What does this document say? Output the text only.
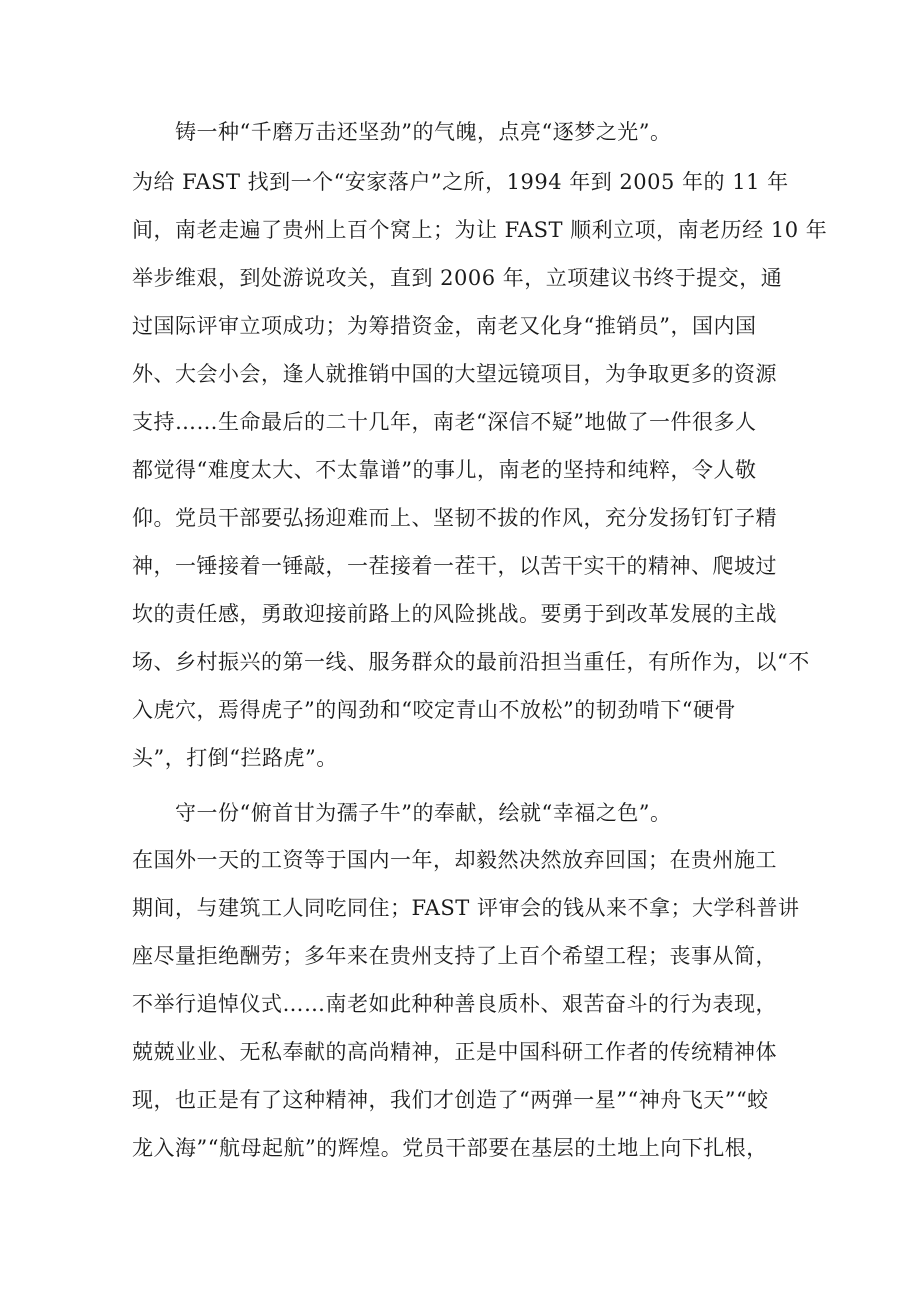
铸一种“千磨万击还坚劲”的气魄，点亮“逐梦之光”。
为给 FAST 找到一个“安家落户”之所，1994 年到 2005 年的 11 年
间，南老走遍了贵州上百个窝上；为让 FAST 顺利立项，南老历经 10 年
举步维艰，到处游说攻关，直到 2006 年，立项建议书终于提交，通
过国际评审立项成功；为筹措资金，南老又化身“推销员”，国内国
外、大会小会，逢人就推销中国的大望远镜项目，为争取更多的资源
支持……生命最后的二十几年，南老“深信不疑”地做了一件很多人
都觉得“难度太大、不太靠谱”的事儿，南老的坚持和纯粹，令人敬
仰。党员干部要弘扬迎难而上、坚韧不拔的作风，充分发扬钉钉子精
神，一锤接着一锤敲，一茬接着一茬干，以苦干实干的精神、爬坡过
坎的责任感，勇敢迎接前路上的风险挑战。要勇于到改革发展的主战
场、乡村振兴的第一线、服务群众的最前沿担当重任，有所作为，以“不
入虎穴，焉得虎子”的闯劲和“咬定青山不放松”的韧劲啃下“硬骨
头”，打倒“拦路虎”。
守一份“俯首甘为孺子牛”的奉献，绘就“幸福之色”。
在国外一天的工资等于国内一年，却毅然决然放弃回国；在贵州施工
期间，与建筑工人同吃同住；FAST 评审会的钱从来不拿；大学科普讲
座尽量拒绝酬劳；多年来在贵州支持了上百个希望工程；丧事从简，
不举行追悼仪式……南老如此种种善良质朴、艰苦奋斗的行为表现，
兢兢业业、无私奉献的高尚精神，正是中国科研工作者的传统精神体
现，也正是有了这种精神，我们才创造了“两弹一星”“神舟飞天”“蛟
龙入海”“航母起航”的辉煌。党员干部要在基层的土地上向下扎根，
